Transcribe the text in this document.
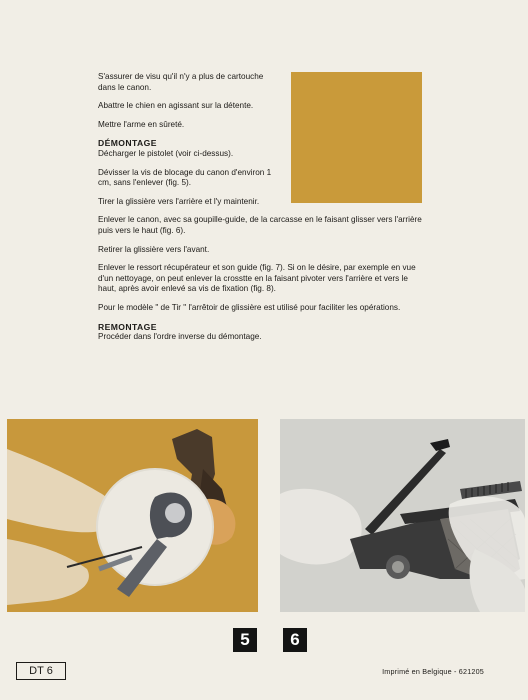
S'assurer de visu qu'il n'y a plus de cartouche dans le canon.

Abattre le chien en agissant sur la détente.

Mettre l'arme en sûreté.

DÉMONTAGE

Décharger le pistolet (voir ci-dessus).

Dévisser la vis de blocage du canon d'environ 1 cm, sans l'enlever (fig. 5).

Tirer la glissière vers l'arrière et l'y maintenir.

Enlever le canon, avec sa goupille-guide, de la carcasse en le faisant glisser vers l'arrière puis vers le haut (fig. 6).

Retirer la glissière vers l'avant.

Enlever le ressort récupérateur et son guide (fig. 7). Si on le désire, par exemple en vue d'un nettoyage, on peut enlever la crosstte en la faisant pivoter vers l'arrière et vers le haut, après avoir enlevé sa vis de fixation (fig. 8).

Pour le modèle " de Tir " l'arrêtoir de glissière est utilisé pour faciliter les opérations.

REMONTAGE

Procéder dans l'ordre inverse du démontage.

5	6
DT 6	Imprimé en Belgique - 621205
